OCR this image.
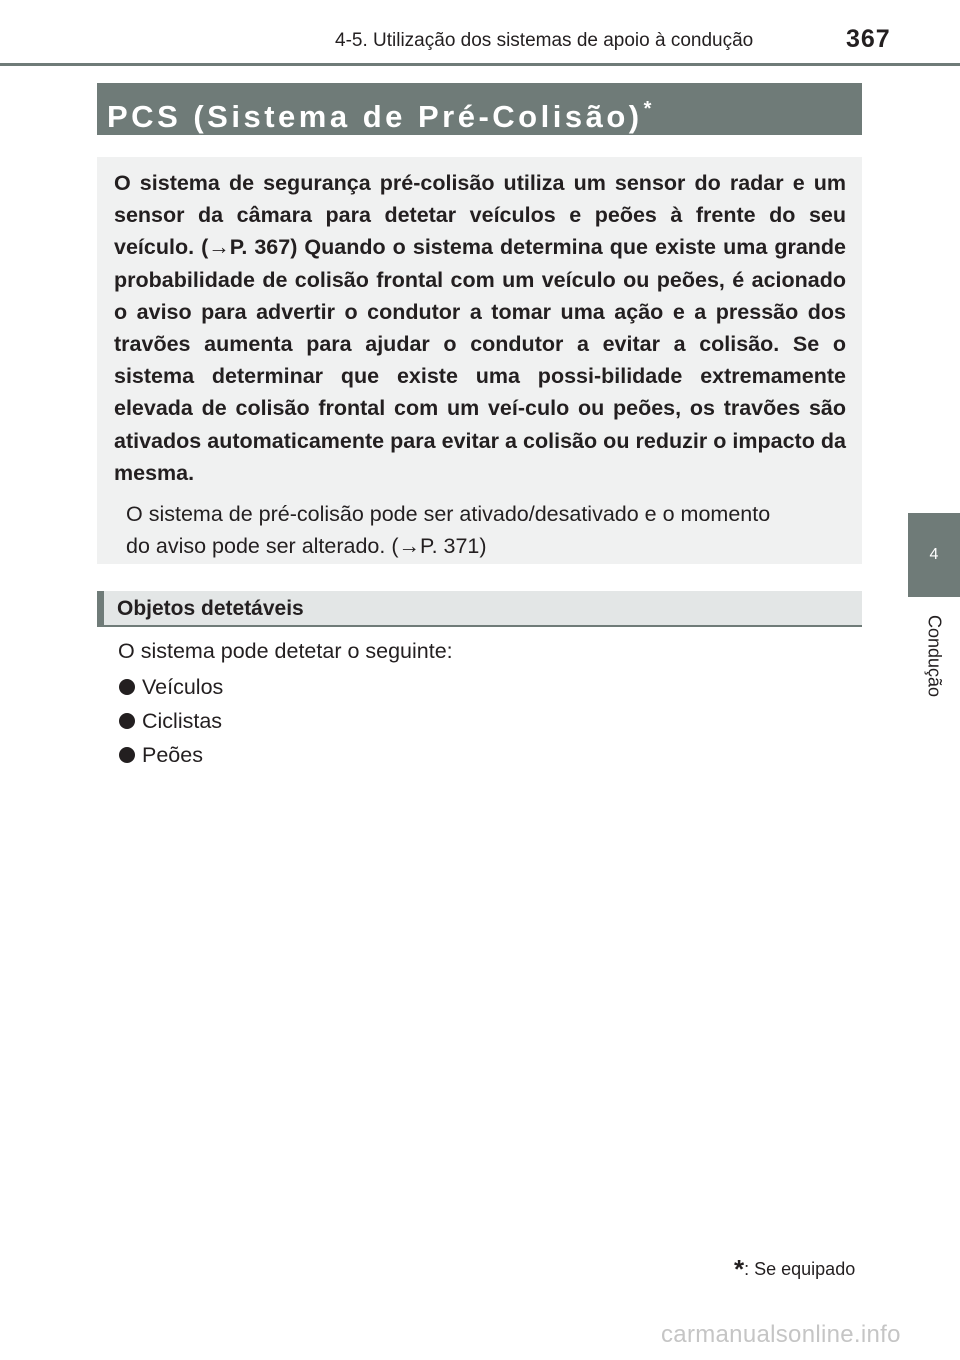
4-5. Utilização dos sistemas de apoio à condução	367
4
Condução
PCS (Sistema de Pré-Colisão)*

O sistema de segurança pré-colisão utiliza um sensor do radar e um sensor da câmara para detetar veículos e peões à frente do seu veículo. (→P. 367) Quando o sistema determina que existe uma grande probabilidade de colisão frontal com um veículo ou peões, é acionado o aviso para advertir o condutor a tomar uma ação e a pressão dos travões aumenta para ajudar o condutor a evitar a colisão. Se o sistema determinar que existe uma possi-bilidade extremamente elevada de colisão frontal com um veí-culo ou peões, os travões são ativados automaticamente para evitar a colisão ou reduzir o impacto da mesma.

O sistema de pré-colisão pode ser ativado/desativado e o momento
do aviso pode ser alterado. (→P. 371)
Objetos detetáveis
O sistema pode detetar o seguinte:
Veículos
Ciclistas
Peões
*: Se equipado
carmanualsonline.info
